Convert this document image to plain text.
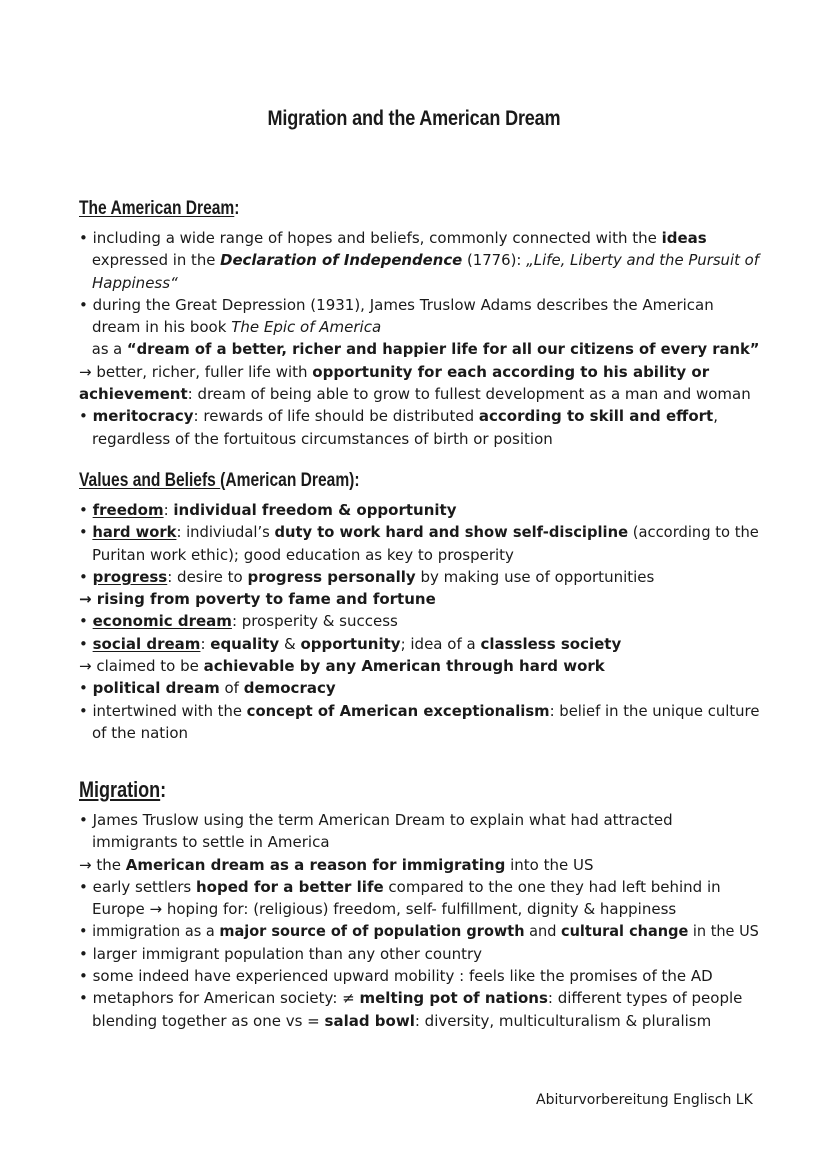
Migration and the American Dream
The American Dream:
• including a wide range of hopes and beliefs, commonly connected with the ideas
expressed in the Declaration of Independence (1776): „Life, Liberty and the Pursuit of
Happiness“
• during the Great Depression (1931), James Truslow Adams describes the American
dream in his book The Epic of America
as a “dream of a better, richer and happier life for all our citizens of every rank”
→ better, richer, fuller life with opportunity for each according to his ability or
achievement: dream of being able to grow to fullest development as a man and woman
• meritocracy: rewards of life should be distributed according to skill and effort,
regardless of the fortuitous circumstances of birth or position
Values and Beliefs (American Dream):
• freedom: individual freedom & opportunity
• hard work: indiviudal’s duty to work hard and show self-discipline (according to the
Puritan work ethic); good education as key to prosperity
• progress: desire to progress personally by making use of opportunities
→ rising from poverty to fame and fortune
• economic dream: prosperity & success
• social dream: equality & opportunity; idea of a classless society
→ claimed to be achievable by any American through hard work
• political dream of democracy
• intertwined with the concept of American exceptionalism: belief in the unique culture
of the nation
Migration:
• James Truslow using the term American Dream to explain what had attracted
immigrants to settle in America
→ the American dream as a reason for immigrating into the US
• early settlers hoped for a better life compared to the one they had left behind in
Europe → hoping for: (religious) freedom, self- fulfillment, dignity & happiness
• immigration as a major source of of population growth and cultural change in the US
• larger immigrant population than any other country
• some indeed have experienced upward mobility : feels like the promises of the AD
• metaphors for American society: ≠ melting pot of nations: different types of people
blending together as one vs = salad bowl: diversity, multiculturalism & pluralism
Abiturvorbereitung Englisch LK
